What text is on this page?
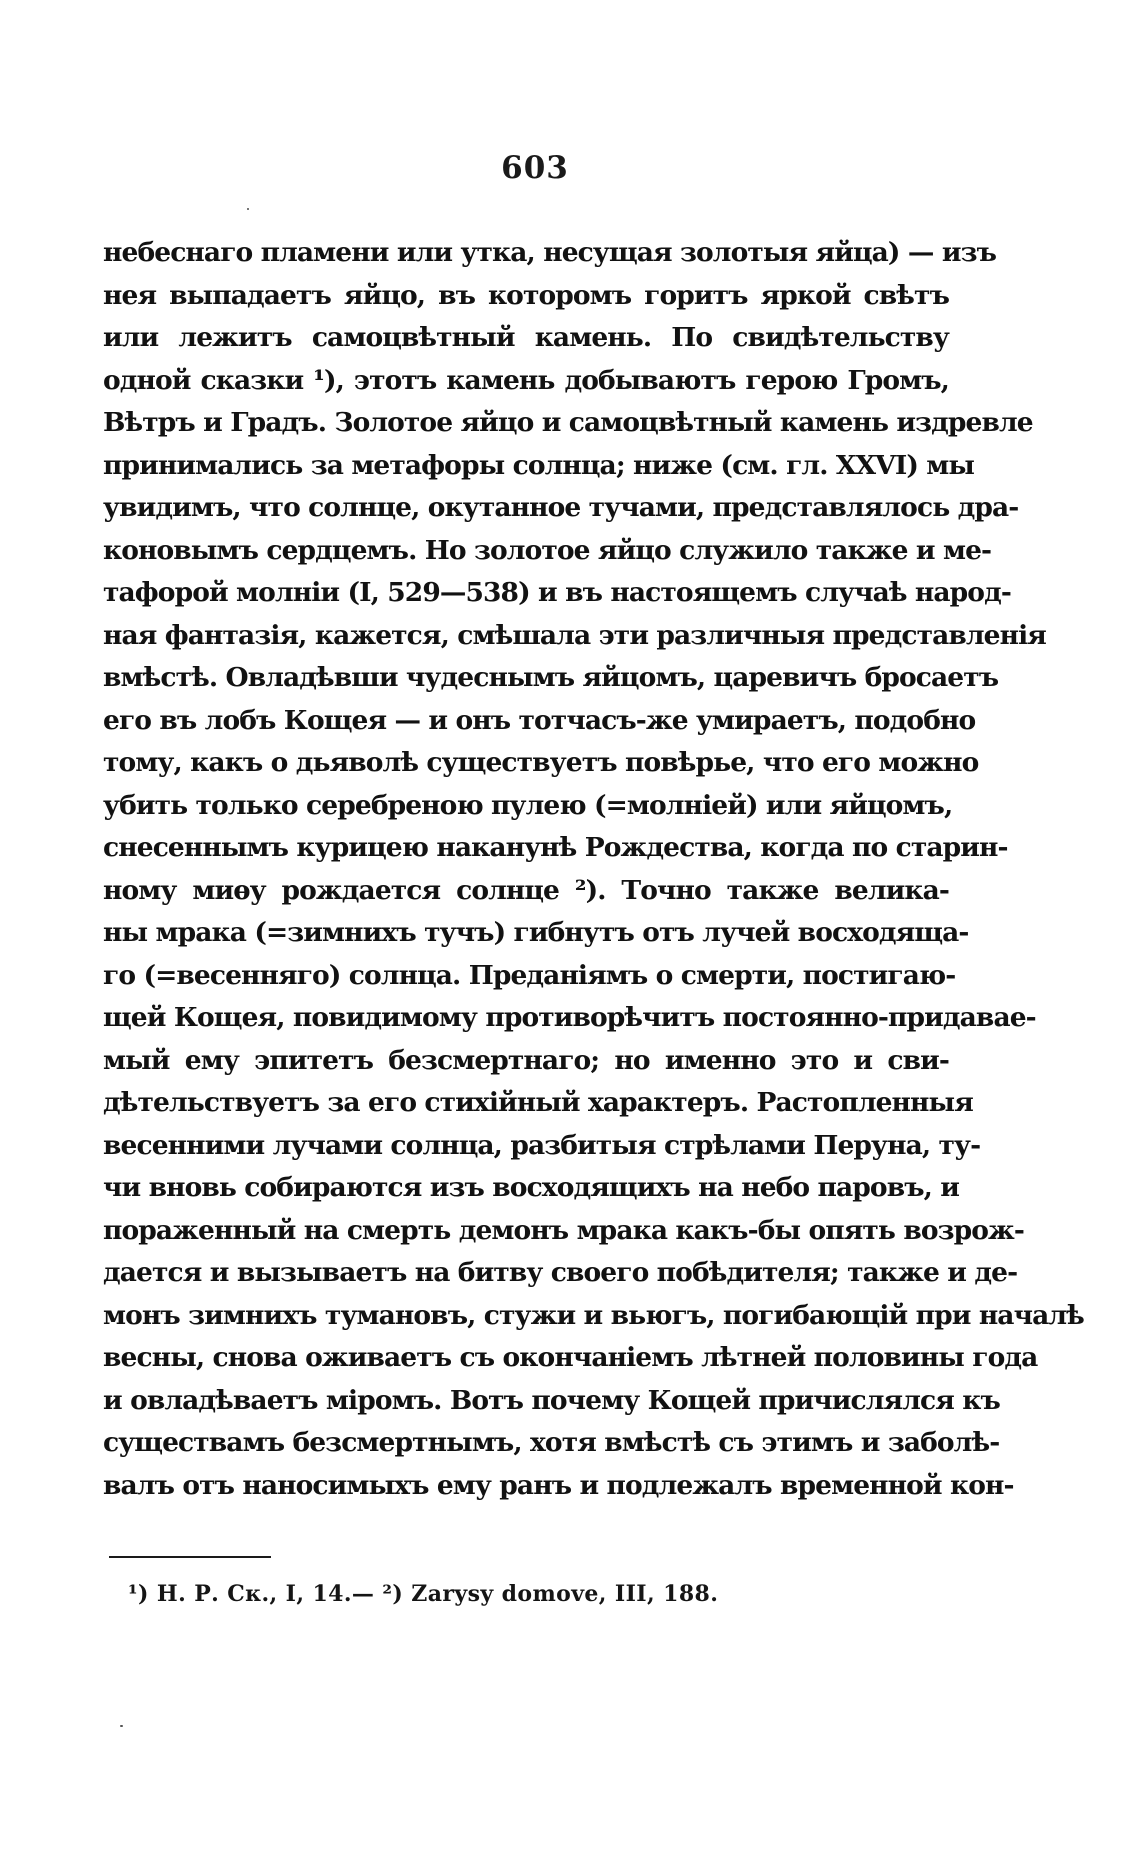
603
небеснаго пламени или утка, несущая золотыя яйца) — изъ
нея выпадаетъ яйцо, въ которомъ горитъ яркой свѣтъ
или лежитъ самоцвѣтный камень. По свидѣтельству
одной сказки ¹), этотъ камень добываютъ герою Громъ,
Вѣтръ и Градъ. Золотое яйцо и самоцвѣтный камень издревле
принимались за метафоры солнца; ниже (см. гл. XXVI) мы
увидимъ, что солнце, окутанное тучами, представлялось дра-
коновымъ сердцемъ. Но золотое яйцо служило также и ме-
тафорой молніи (I, 529—538) и въ настоящемъ случаѣ народ-
ная фантазія, кажется, смѣшала эти различныя представленія
вмѣстѣ. Овладѣвши чудеснымъ яйцомъ, царевичъ бросаетъ
его въ лобъ Кощея — и онъ тотчасъ-же умираетъ, подобно
тому, какъ о дьяволѣ существуетъ повѣрье, что его можно
убить только серебреною пулею (=молніей) или яйцомъ,
снесеннымъ курицею наканунѣ Рождества, когда по старин-
ному миѳу рождается солнце ²). Точно также велика-
ны мрака (=зимнихъ тучъ) гибнутъ отъ лучей восходяща-
го (=весенняго) солнца. Преданіямъ о смерти, постигаю-
щей Кощея, повидимому противорѣчитъ постоянно-придавае-
мый ему эпитетъ безсмертнаго; но именно это и сви-
дѣтельствуетъ за его стихійный характеръ. Растопленныя
весенними лучами солнца, разбитыя стрѣлами Перуна, ту-
чи вновь собираются изъ восходящихъ на небо паровъ, и
пораженный на смерть демонъ мрака какъ-бы опять возрож-
дается и вызываетъ на битву своего побѣдителя; также и де-
монъ зимнихъ тумановъ, стужи и вьюгъ, погибающій при началѣ
весны, снова оживаетъ съ окончаніемъ лѣтней половины года
и овладѣваетъ міромъ. Вотъ почему Кощей причислялся къ
существамъ безсмертнымъ, хотя вмѣстѣ съ этимъ и заболѣ-
валъ отъ наносимыхъ ему ранъ и подлежалъ временной кон-
¹) Н. Р. Ск., I, 14.— ²) Zarysy domove, III, 188.
